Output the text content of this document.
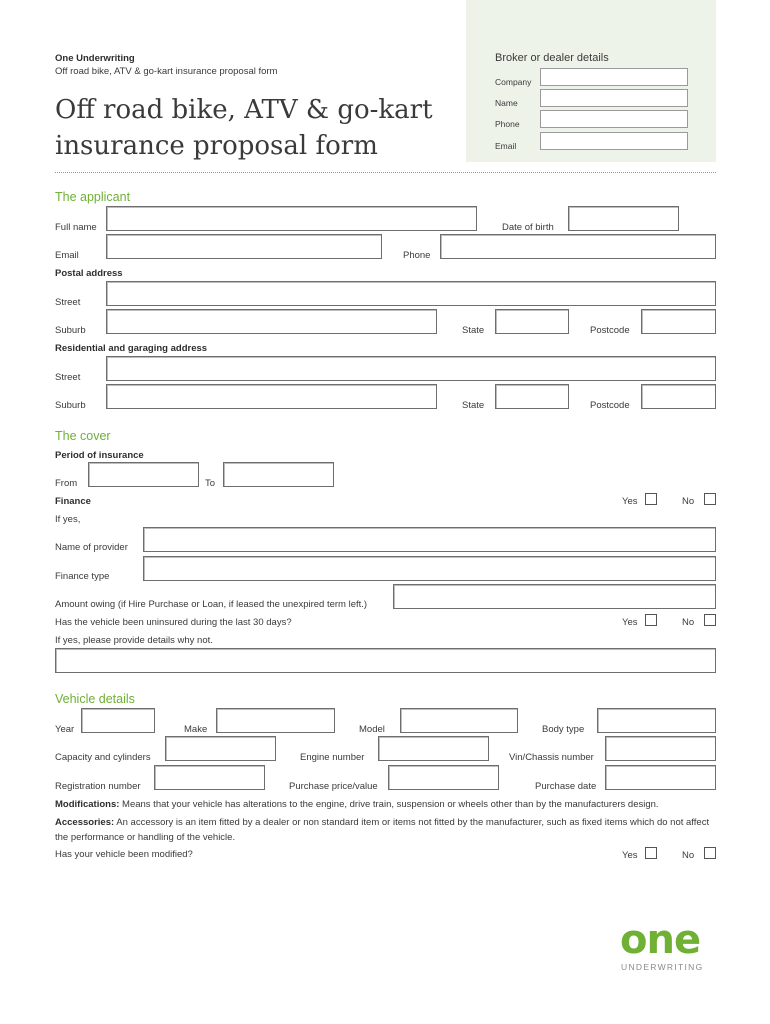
One Underwriting
Off road bike, ATV & go-kart insurance proposal form
Off road bike, ATV & go-kart
insurance proposal form
Broker or dealer details
Company
Name
Phone
Email
The applicant
Full name	Date of birth
Email	Phone
Postal address
Street
Suburb	State	Postcode
Residential and garaging address
Street
Suburb	State	Postcode
The cover
Period of insurance
From	To
Finance	Yes	No
If yes,
Name of provider
Finance type
Amount owing (if Hire Purchase or Loan, if leased the unexpired term left.)
Has the vehicle been uninsured during the last 30 days?	Yes	No
If yes, please provide details why not.
Vehicle details
Year	Make	Model	Body type
Capacity and cylinders	Engine number	Vin/Chassis number
Registration number	Purchase price/value	Purchase date
Modifications: Means that your vehicle has alterations to the engine, drive train, suspension or wheels other than by the manufacturers design.
Accessories: An accessory is an item fitted by a dealer or non standard item or items not fitted by the manufacturer, such as fixed items which do not affect the performance or handling of the vehicle.
Has your vehicle been modified?	Yes	No
one
UNDERWRITING
